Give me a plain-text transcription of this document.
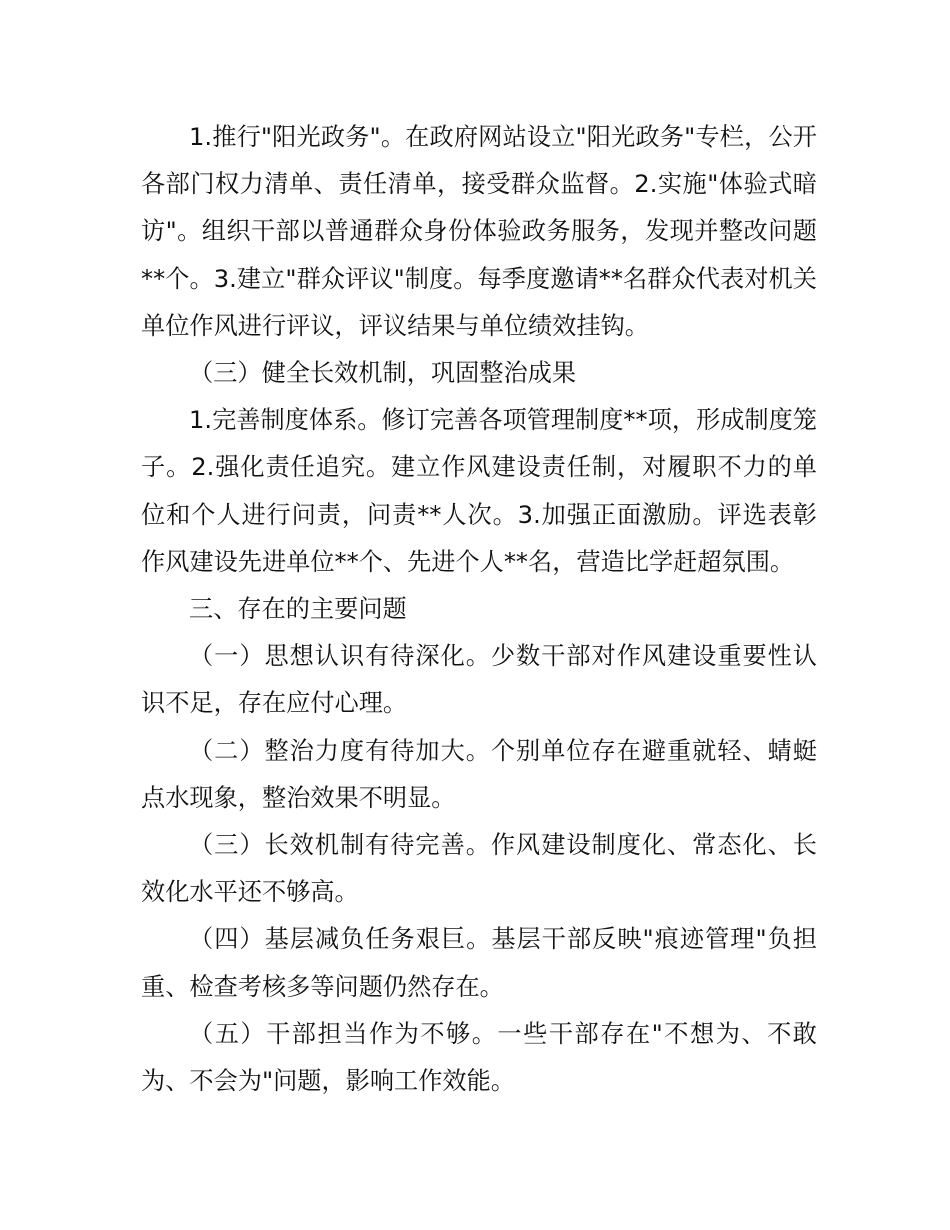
1.推行"阳光政务"。在政府网站设立"阳光政务"专栏，公开各部门权力清单、责任清单，接受群众监督。2.实施"体验式暗访"。组织干部以普通群众身份体验政务服务，发现并整改问题**个。3.建立"群众评议"制度。每季度邀请**名群众代表对机关单位作风进行评议，评议结果与单位绩效挂钩。

（三）健全长效机制，巩固整治成果

1.完善制度体系。修订完善各项管理制度**项，形成制度笼子。2.强化责任追究。建立作风建设责任制，对履职不力的单位和个人进行问责，问责**人次。3.加强正面激励。评选表彰作风建设先进单位**个、先进个人**名，营造比学赶超氛围。

三、存在的主要问题

（一）思想认识有待深化。少数干部对作风建设重要性认识不足，存在应付心理。

（二）整治力度有待加大。个别单位存在避重就轻、蜻蜓点水现象，整治效果不明显。

（三）长效机制有待完善。作风建设制度化、常态化、长效化水平还不够高。

（四）基层减负任务艰巨。基层干部反映"痕迹管理"负担重、检查考核多等问题仍然存在。

（五）干部担当作为不够。一些干部存在"不想为、不敢为、不会为"问题，影响工作效能。
